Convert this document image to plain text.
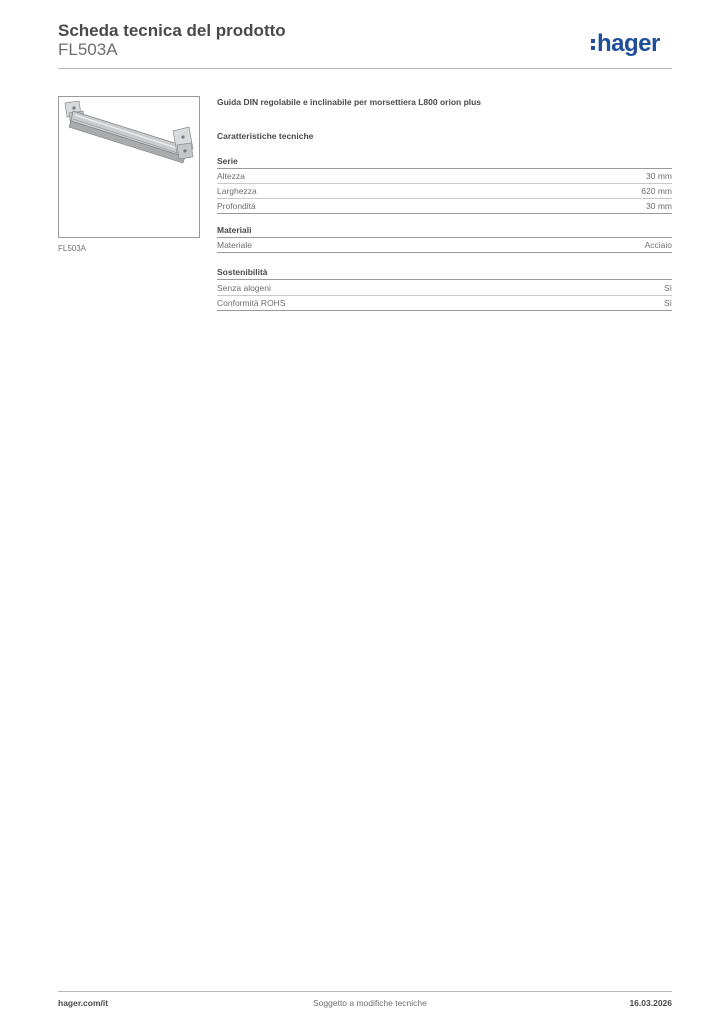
Scheda tecnica del prodotto
FL503A	hager
FL503A
Guida DIN regolabile e inclinabile per morsettiera L800 orion plus
Caratteristiche tecniche
Serie
Altezza	30 mm
Larghezza	620 mm
Profondità	30 mm
Materiali
Materiale	Acciaio
Sostenibilità
Senza alogeni	Sì
Conformità ROHS	Sì
hager.com/it	Soggetto a modifiche tecniche	16.03.2026
